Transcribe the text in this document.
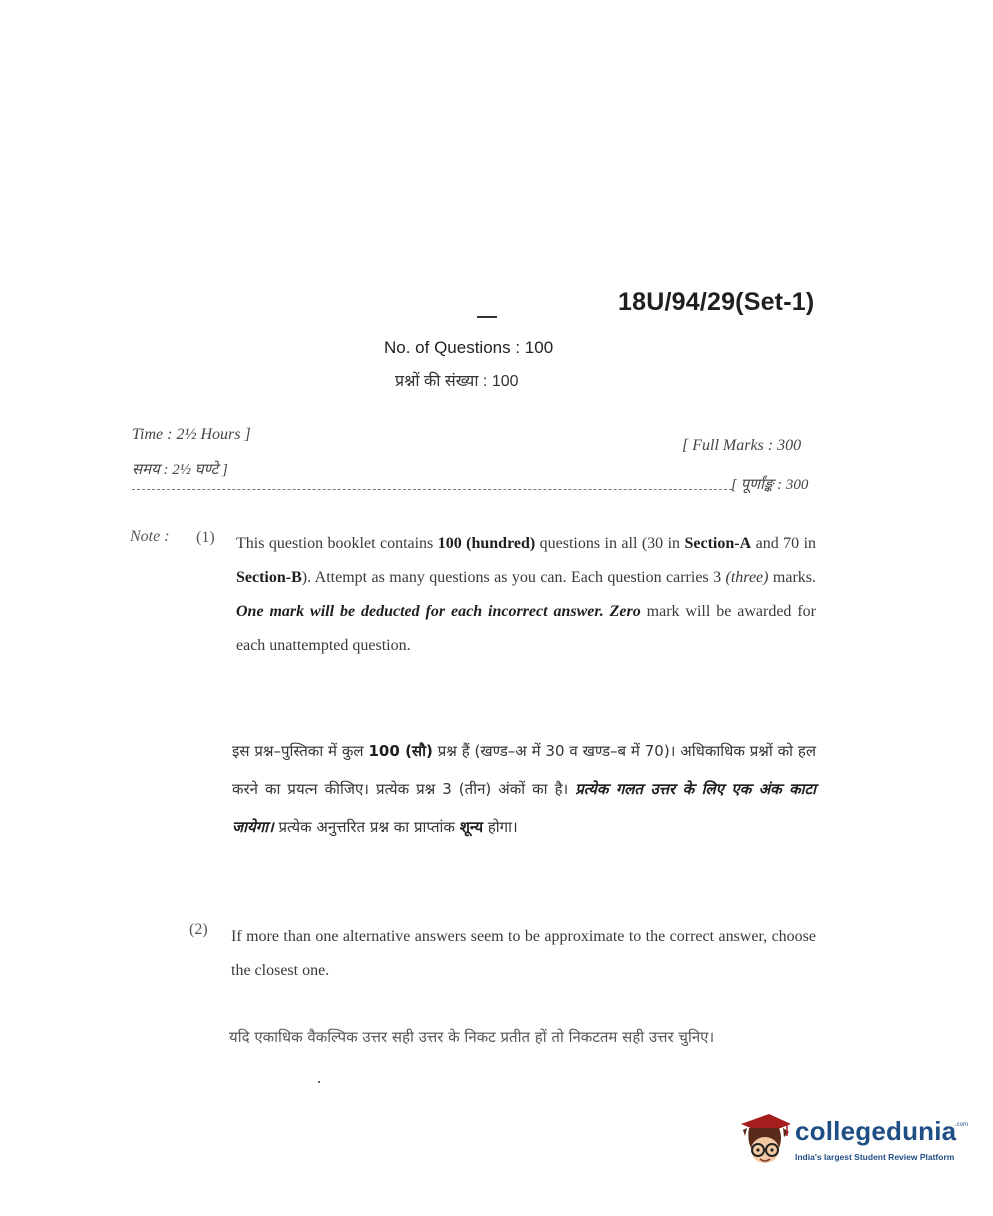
18U/94/29(Set-1)
No. of Questions : 100
प्रश्नों की संख्या : 100
Time : 2½ Hours ]
समय : 2½ घण्टे ]
[ Full Marks : 300
[ पूर्णांङ्क : 300
Note : (1) This question booklet contains 100 (hundred) questions in all (30 in Section-A and 70 in Section-B). Attempt as many questions as you can. Each question carries 3 (three) marks. One mark will be deducted for each incorrect answer. Zero mark will be awarded for each unattempted question.
इस प्रश्न–पुस्तिका में कुल 100 (सौ) प्रश्न हैं (खण्ड–अ में 30 व खण्ड–ब में 70)। अधिकाधिक प्रश्नों को हल करने का प्रयत्न कीजिए। प्रत्येक प्रश्न 3 (तीन) अंकों का है। प्रत्येक गलत उत्तर के लिए एक अंक काटा जायेगा। प्रत्येक अनुत्तरित प्रश्न का प्राप्तांक शून्य होगा।
(2) If more than one alternative answers seem to be approximate to the correct answer, choose the closest one.
यदि एकाधिक वैकल्पिक उत्तर सही उत्तर के निकट प्रतीत हों तो निकटतम सही उत्तर चुनिए।
collegedunia
.com
India's largest Student Review Platform
